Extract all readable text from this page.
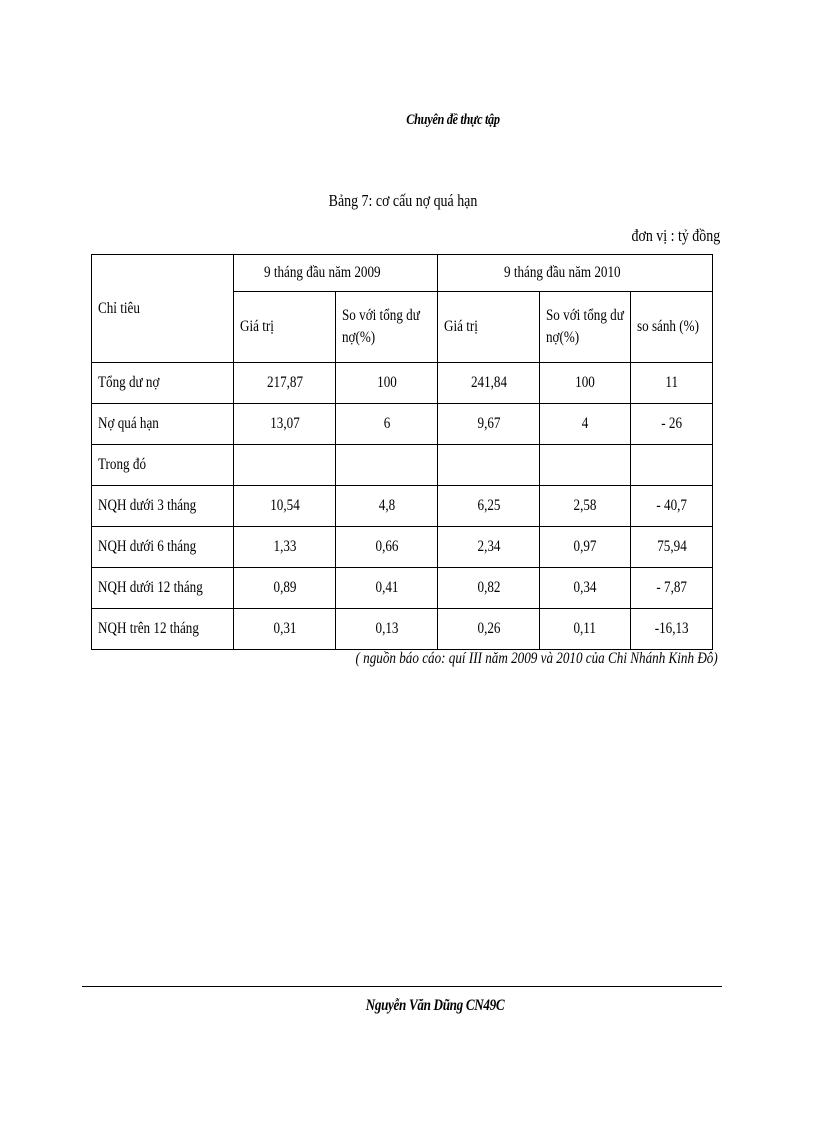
Chuyên đề thực tập
Bảng 7: cơ cấu nợ quá hạn
đơn vị : tỷ đồng
Chỉ tiêu	9 tháng đầu năm 2009		9 tháng đầu năm 2010		
	Giá trị	So với tổng dư nợ(%)	Giá trị	So với tổng dư nợ(%)	so sánh (%)
Tổng dư nợ	217,87	100	241,84	100	11
Nợ quá hạn	13,07	6	9,67	4	- 26
Trong đó					
NQH dưới 3 tháng	10,54	4,8	6,25	2,58	- 40,7
NQH dưới 6 tháng	1,33	0,66	2,34	0,97	75,94
NQH dưới 12 tháng	0,89	0,41	0,82	0,34	- 7,87
NQH trên 12 tháng	0,31	0,13	0,26	0,11	-16,13
( nguồn báo cáo: quí III năm 2009 và 2010 của Chi Nhánh Kinh Đô)
Nguyễn Văn Dũng CN49C
